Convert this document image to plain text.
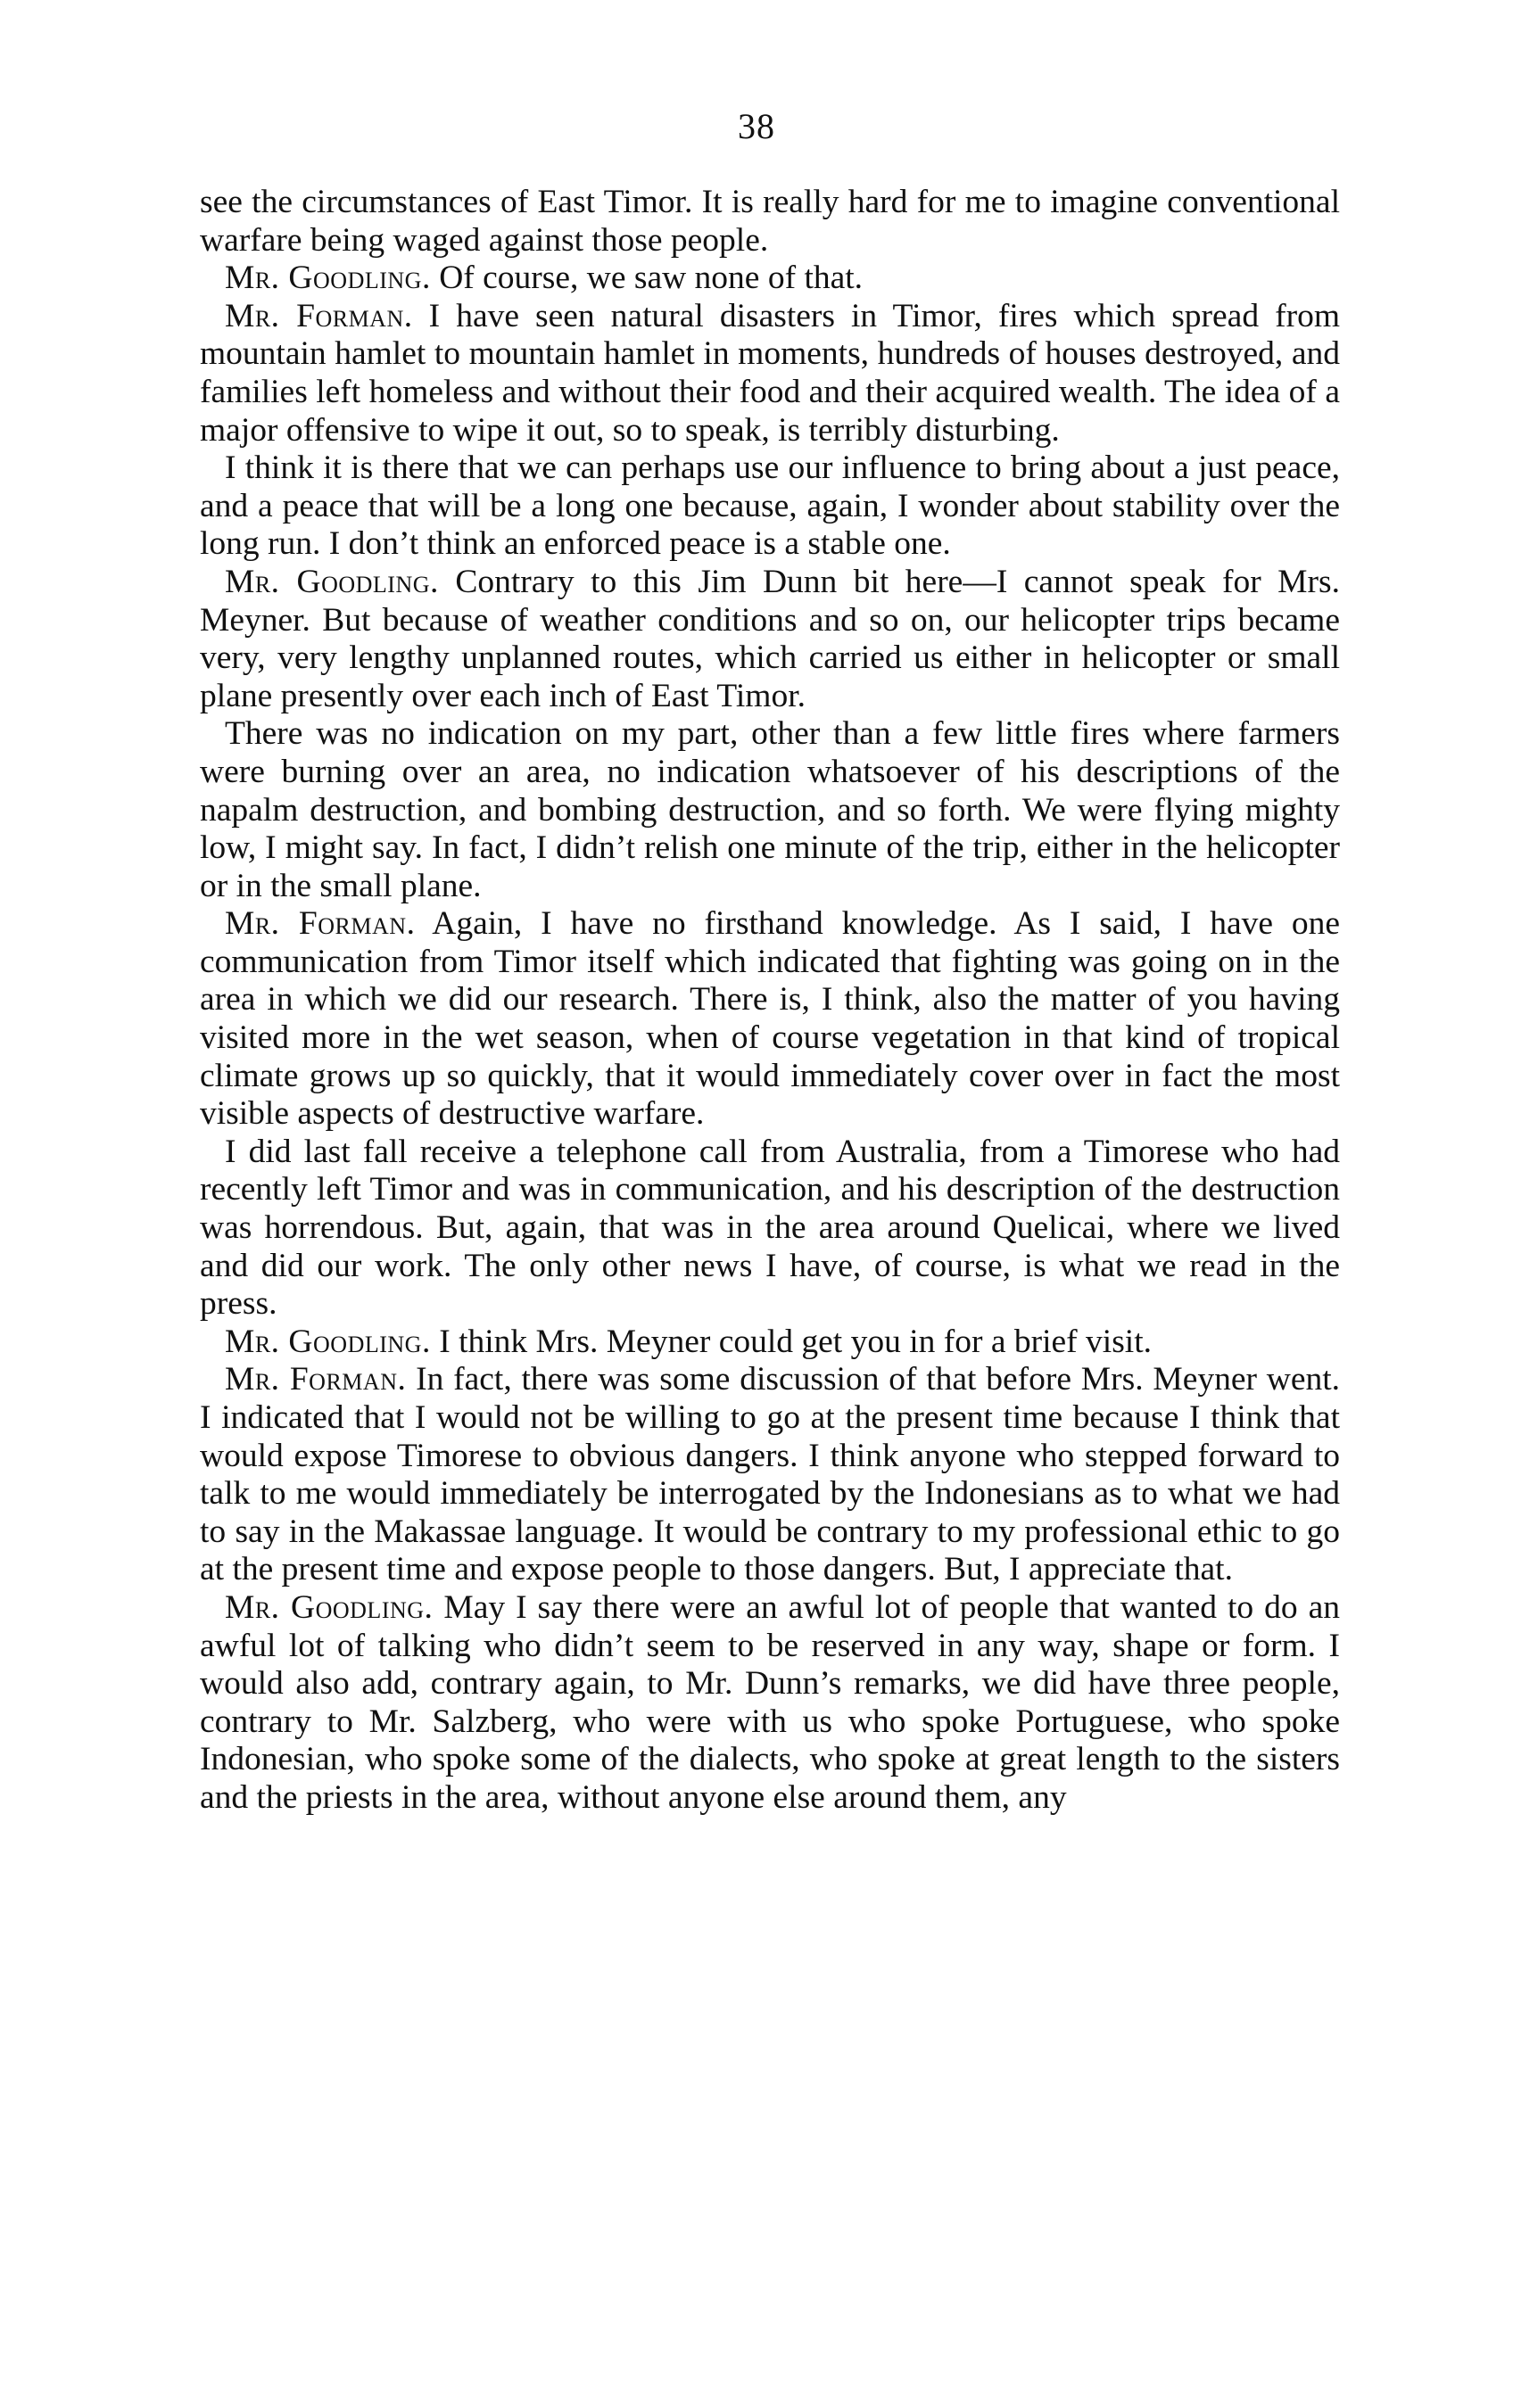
38

see the circumstances of East Timor. It is really hard for me to imagine conventional warfare being waged against those people.

Mr. Goodling. Of course, we saw none of that.

Mr. Forman. I have seen natural disasters in Timor, fires which spread from mountain hamlet to mountain hamlet in moments, hundreds of houses destroyed, and families left homeless and without their food and their acquired wealth. The idea of a major offensive to wipe it out, so to speak, is terribly disturbing.

I think it is there that we can perhaps use our influence to bring about a just peace, and a peace that will be a long one because, again, I wonder about stability over the long run. I don’t think an enforced peace is a stable one.

Mr. Goodling. Contrary to this Jim Dunn bit here—I cannot speak for Mrs. Meyner. But because of weather conditions and so on, our helicopter trips became very, very lengthy unplanned routes, which carried us either in helicopter or small plane presently over each inch of East Timor.

There was no indication on my part, other than a few little fires where farmers were burning over an area, no indication whatsoever of his descriptions of the napalm destruction, and bombing destruction, and so forth. We were flying mighty low, I might say. In fact, I didn’t relish one minute of the trip, either in the helicopter or in the small plane.

Mr. Forman. Again, I have no firsthand knowledge. As I said, I have one communication from Timor itself which indicated that fighting was going on in the area in which we did our research. There is, I think, also the matter of you having visited more in the wet season, when of course vegetation in that kind of tropical climate grows up so quickly, that it would immediately cover over in fact the most visible aspects of destructive warfare.

I did last fall receive a telephone call from Australia, from a Timorese who had recently left Timor and was in communication, and his description of the destruction was horrendous. But, again, that was in the area around Quelicai, where we lived and did our work. The only other news I have, of course, is what we read in the press.

Mr. Goodling. I think Mrs. Meyner could get you in for a brief visit.

Mr. Forman. In fact, there was some discussion of that before Mrs. Meyner went. I indicated that I would not be willing to go at the present time because I think that would expose Timorese to obvious dangers. I think anyone who stepped forward to talk to me would immediately be interrogated by the Indonesians as to what we had to say in the Makassae language. It would be contrary to my professional ethic to go at the present time and expose people to those dangers. But, I appreciate that.

Mr. Goodling. May I say there were an awful lot of people that wanted to do an awful lot of talking who didn’t seem to be reserved in any way, shape or form. I would also add, contrary again, to Mr. Dunn’s remarks, we did have three people, contrary to Mr. Salzberg, who were with us who spoke Portuguese, who spoke Indonesian, who spoke some of the dialects, who spoke at great length to the sisters and the priests in the area, without anyone else around them, any
